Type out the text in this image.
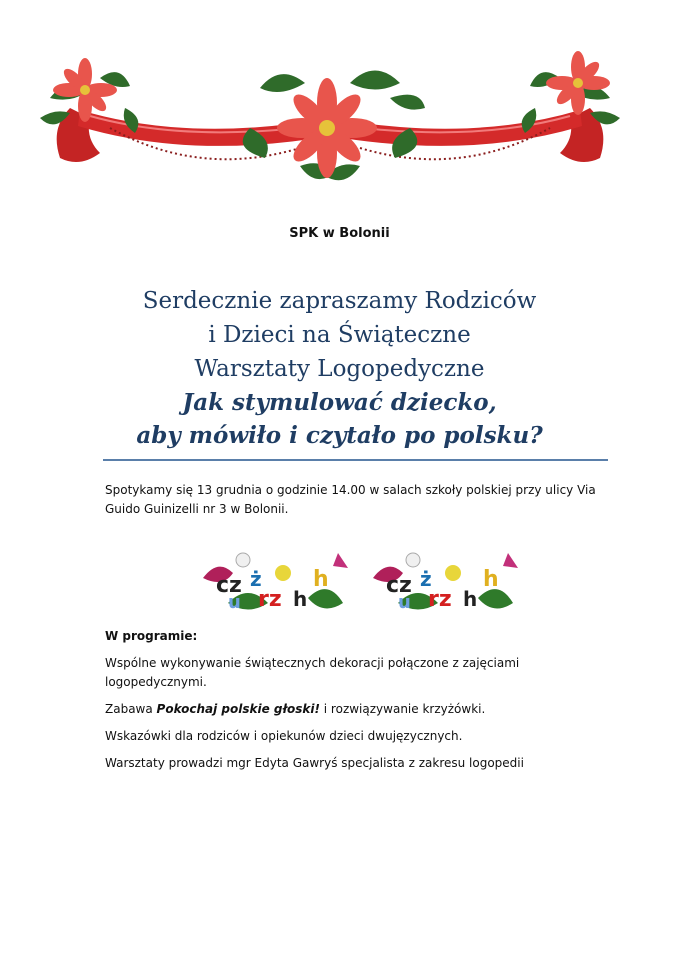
SPK w Bolonii
Serdecznie zapraszamy Rodziców
i Dzieci na Świąteczne
Warsztaty Logopedyczne
Jak stymulować dziecko,
aby mówiło i czytało po polsku?
Spotykamy się 13 grudnia o godzinie 14.00 w salach szkoły polskiej przy ulicy Via Guido Guinizelli nr 3 w Bolonii.
cz ż h
u rz h
cz ż h
u rz h
W programie:

Wspólne wykonywanie świątecznych dekoracji połączone z zajęciami logopedycznymi.

Zabawa Pokochaj polskie głoski! i rozwiązywanie krzyżówki.

Wskazówki dla rodziców i opiekunów dzieci dwujęzycznych.

Warsztaty prowadzi mgr Edyta Gawryś specjalista z zakresu logopedii
